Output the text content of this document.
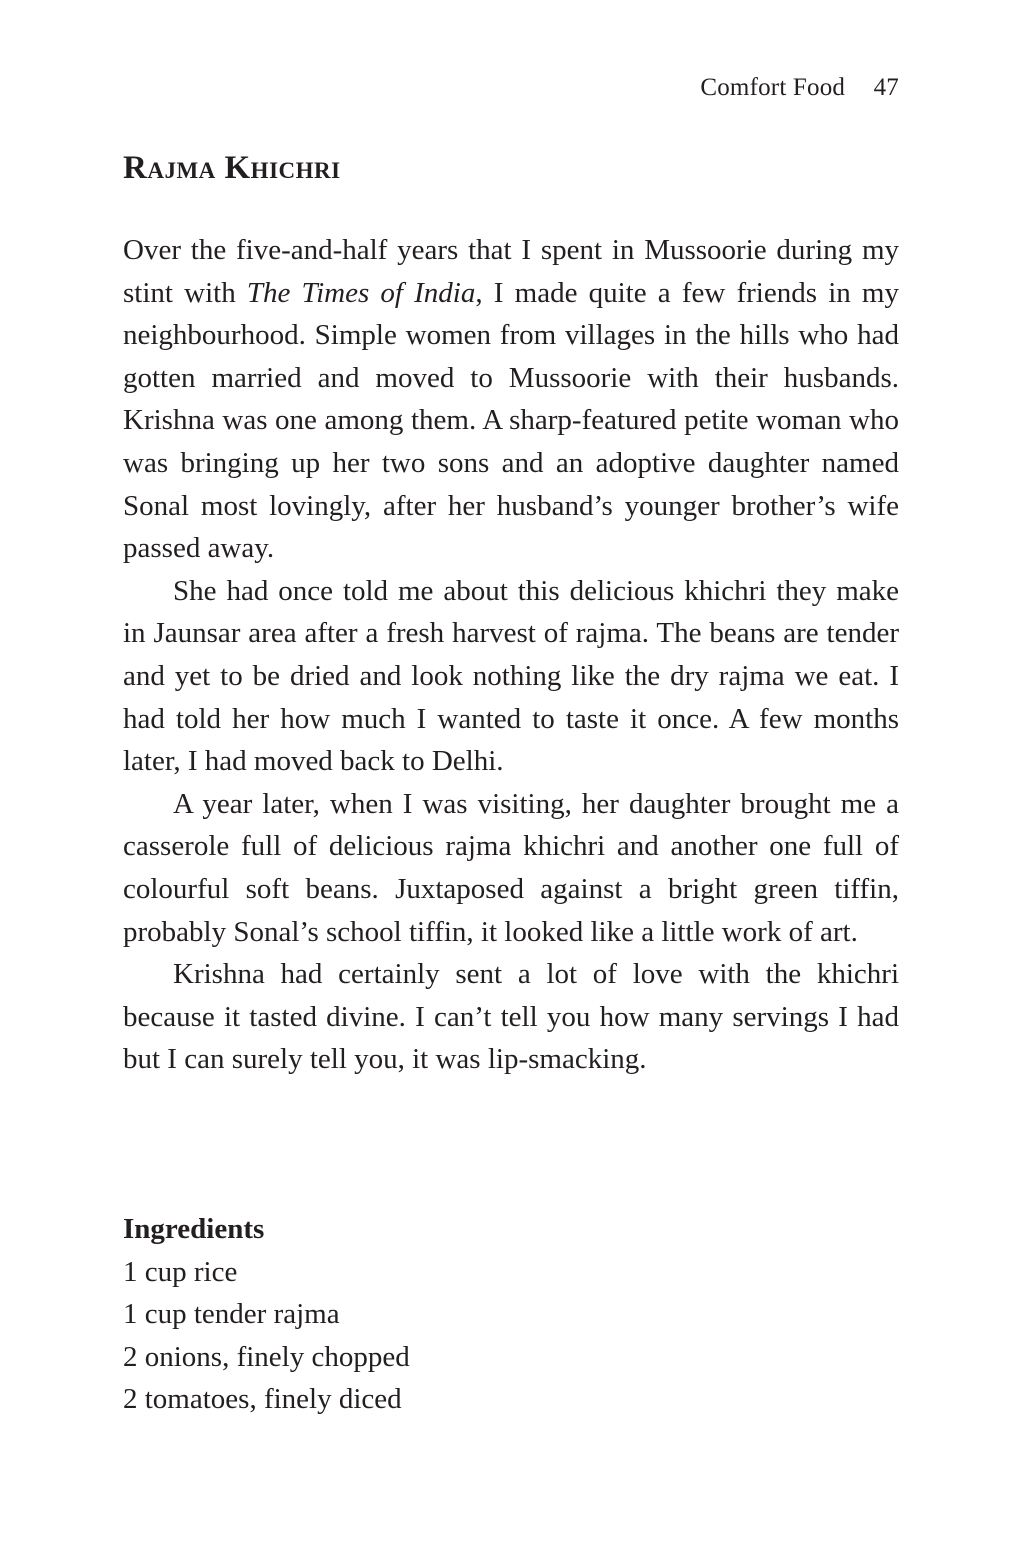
Comfort Food 47
Rajma Khichri

Over the five-and-half years that I spent in Mussoorie during my stint with The Times of India, I made quite a few friends in my neighbourhood. Simple women from villages in the hills who had gotten married and moved to Mussoorie with their husbands. Krishna was one among them. A sharp-featured petite woman who was bringing up her two sons and an adoptive daughter named Sonal most lovingly, after her husband’s younger brother’s wife passed away.

She had once told me about this delicious khichri they make in Jaunsar area after a fresh harvest of rajma. The beans are tender and yet to be dried and look nothing like the dry rajma we eat. I had told her how much I wanted to taste it once. A few months later, I had moved back to Delhi.

A year later, when I was visiting, her daughter brought me a casserole full of delicious rajma khichri and another one full of colourful soft beans. Juxtaposed against a bright green tiffin, probably Sonal’s school tiffin, it looked like a little work of art.

Krishna had certainly sent a lot of love with the khichri because it tasted divine. I can’t tell you how many servings I had but I can surely tell you, it was lip-smacking.

Ingredients
1 cup rice
1 cup tender rajma
2 onions, finely chopped
2 tomatoes, finely diced
